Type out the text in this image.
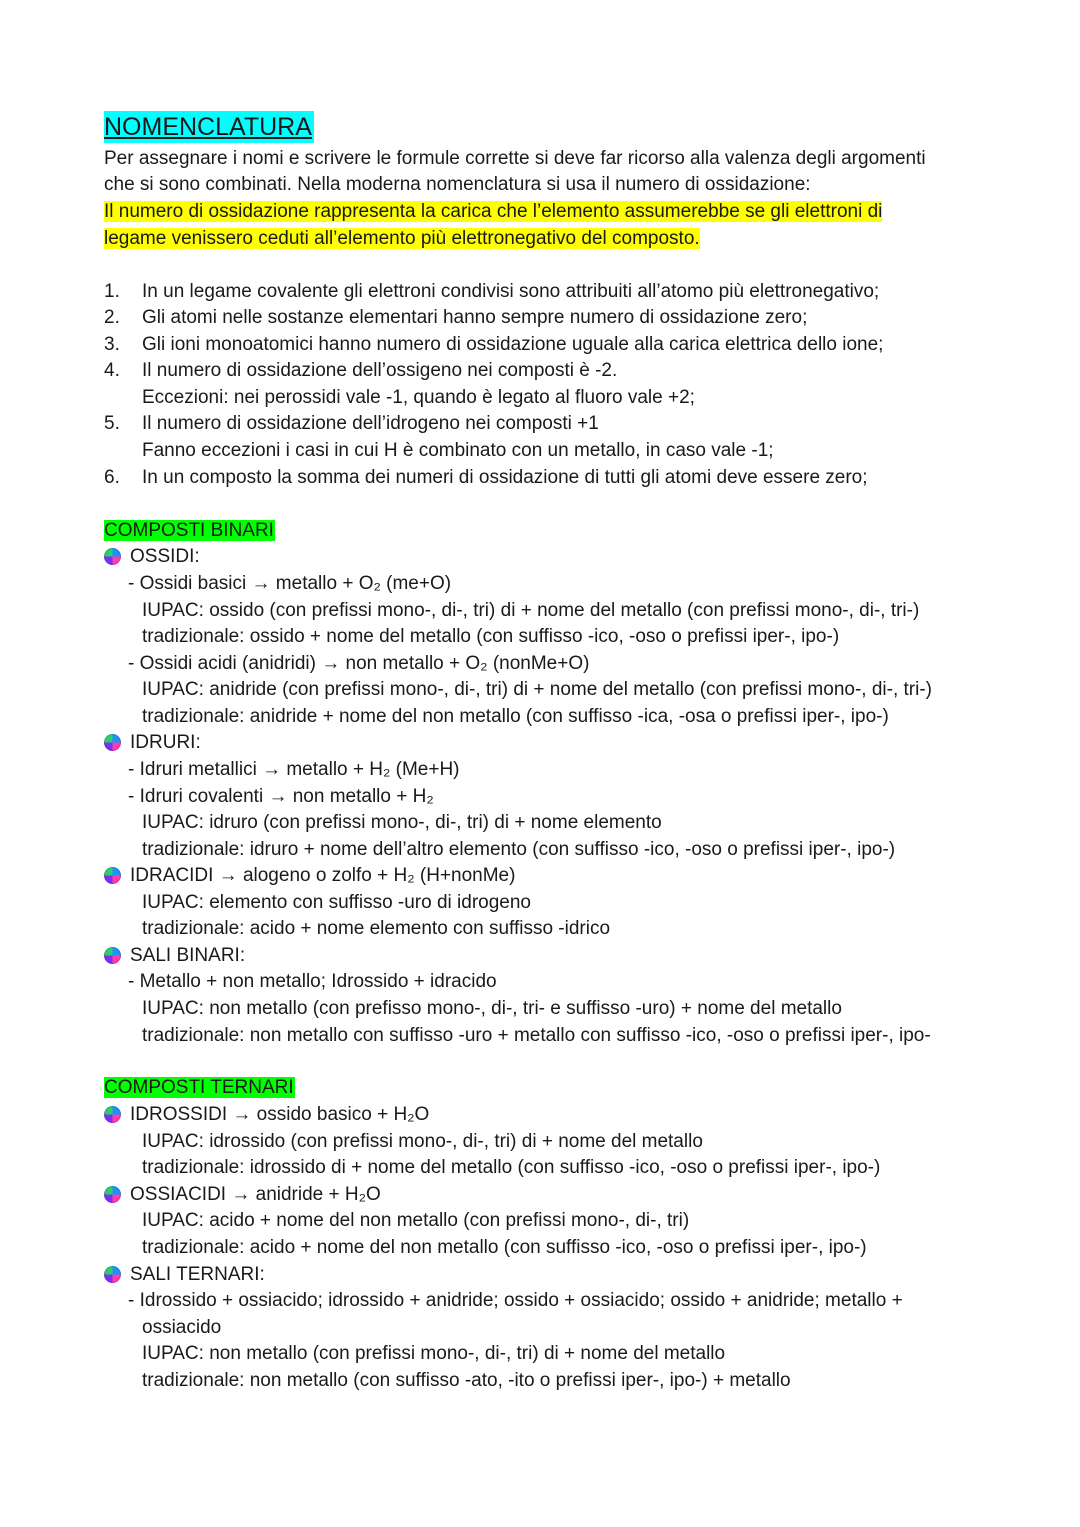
NOMENCLATURA
Per assegnare i nomi e scrivere le formule corrette si deve far ricorso alla valenza degli argomenti
che si sono combinati. Nella moderna nomenclatura si usa il numero di ossidazione:
Il numero di ossidazione rappresenta la carica che l’elemento assumerebbe se gli elettroni di
legame venissero ceduti all’elemento più elettronegativo del composto.
1. In un legame covalente gli elettroni condivisi sono attribuiti all’atomo più elettronegativo;
2. Gli atomi nelle sostanze elementari hanno sempre numero di ossidazione zero;
3. Gli ioni monoatomici hanno numero di ossidazione uguale alla carica elettrica dello ione;
4. Il numero di ossidazione dell’ossigeno nei composti è -2.
Eccezioni: nei perossidi vale -1, quando è legato al fluoro vale +2;
5. Il numero di ossidazione dell’idrogeno nei composti +1
Fanno eccezioni i casi in cui H è combinato con un metallo, in caso vale -1;
6. In un composto la somma dei numeri di ossidazione di tutti gli atomi deve essere zero;
COMPOSTI BINARI
OSSIDI:
- Ossidi basici → metallo + O₂ (me+O)
IUPAC: ossido (con prefissi mono-, di-, tri) di + nome del metallo (con prefissi mono-, di-, tri-)
tradizionale: ossido + nome del metallo (con suffisso -ico, -oso o prefissi iper-, ipo-)
- Ossidi acidi (anidridi) → non metallo + O₂ (nonMe+O)
IUPAC: anidride (con prefissi mono-, di-, tri) di + nome del metallo (con prefissi mono-, di-, tri-)
tradizionale: anidride + nome del non metallo (con suffisso -ica, -osa o prefissi iper-, ipo-)
IDRURI:
- Idruri metallici → metallo + H₂ (Me+H)
- Idruri covalenti → non metallo + H₂
IUPAC: idruro (con prefissi mono-, di-, tri) di + nome elemento
tradizionale: idruro + nome dell’altro elemento (con suffisso -ico, -oso o prefissi iper-, ipo-)
IDRACIDI → alogeno o zolfo + H₂ (H+nonMe)
IUPAC: elemento con suffisso -uro di idrogeno
tradizionale: acido + nome elemento con suffisso -idrico
SALI BINARI:
- Metallo + non metallo; Idrossido + idracido
IUPAC: non metallo (con prefisso mono-, di-, tri- e suffisso -uro) + nome del metallo
tradizionale: non metallo con suffisso -uro + metallo con suffisso -ico, -oso o prefissi iper-, ipo-
COMPOSTI TERNARI
IDROSSIDI → ossido basico + H₂O
IUPAC: idrossido (con prefissi mono-, di-, tri) di + nome del metallo
tradizionale: idrossido di + nome del metallo (con suffisso -ico, -oso o prefissi iper-, ipo-)
OSSIACIDI → anidride + H₂O
IUPAC: acido + nome del non metallo (con prefissi mono-, di-, tri)
tradizionale: acido + nome del non metallo (con suffisso -ico, -oso o prefissi iper-, ipo-)
SALI TERNARI:
- Idrossido + ossiacido; idrossido + anidride; ossido + ossiacido; ossido + anidride; metallo +
ossiacido
IUPAC: non metallo (con prefissi mono-, di-, tri) di + nome del metallo
tradizionale: non metallo (con suffisso -ato, -ito o prefissi iper-, ipo-) + metallo
